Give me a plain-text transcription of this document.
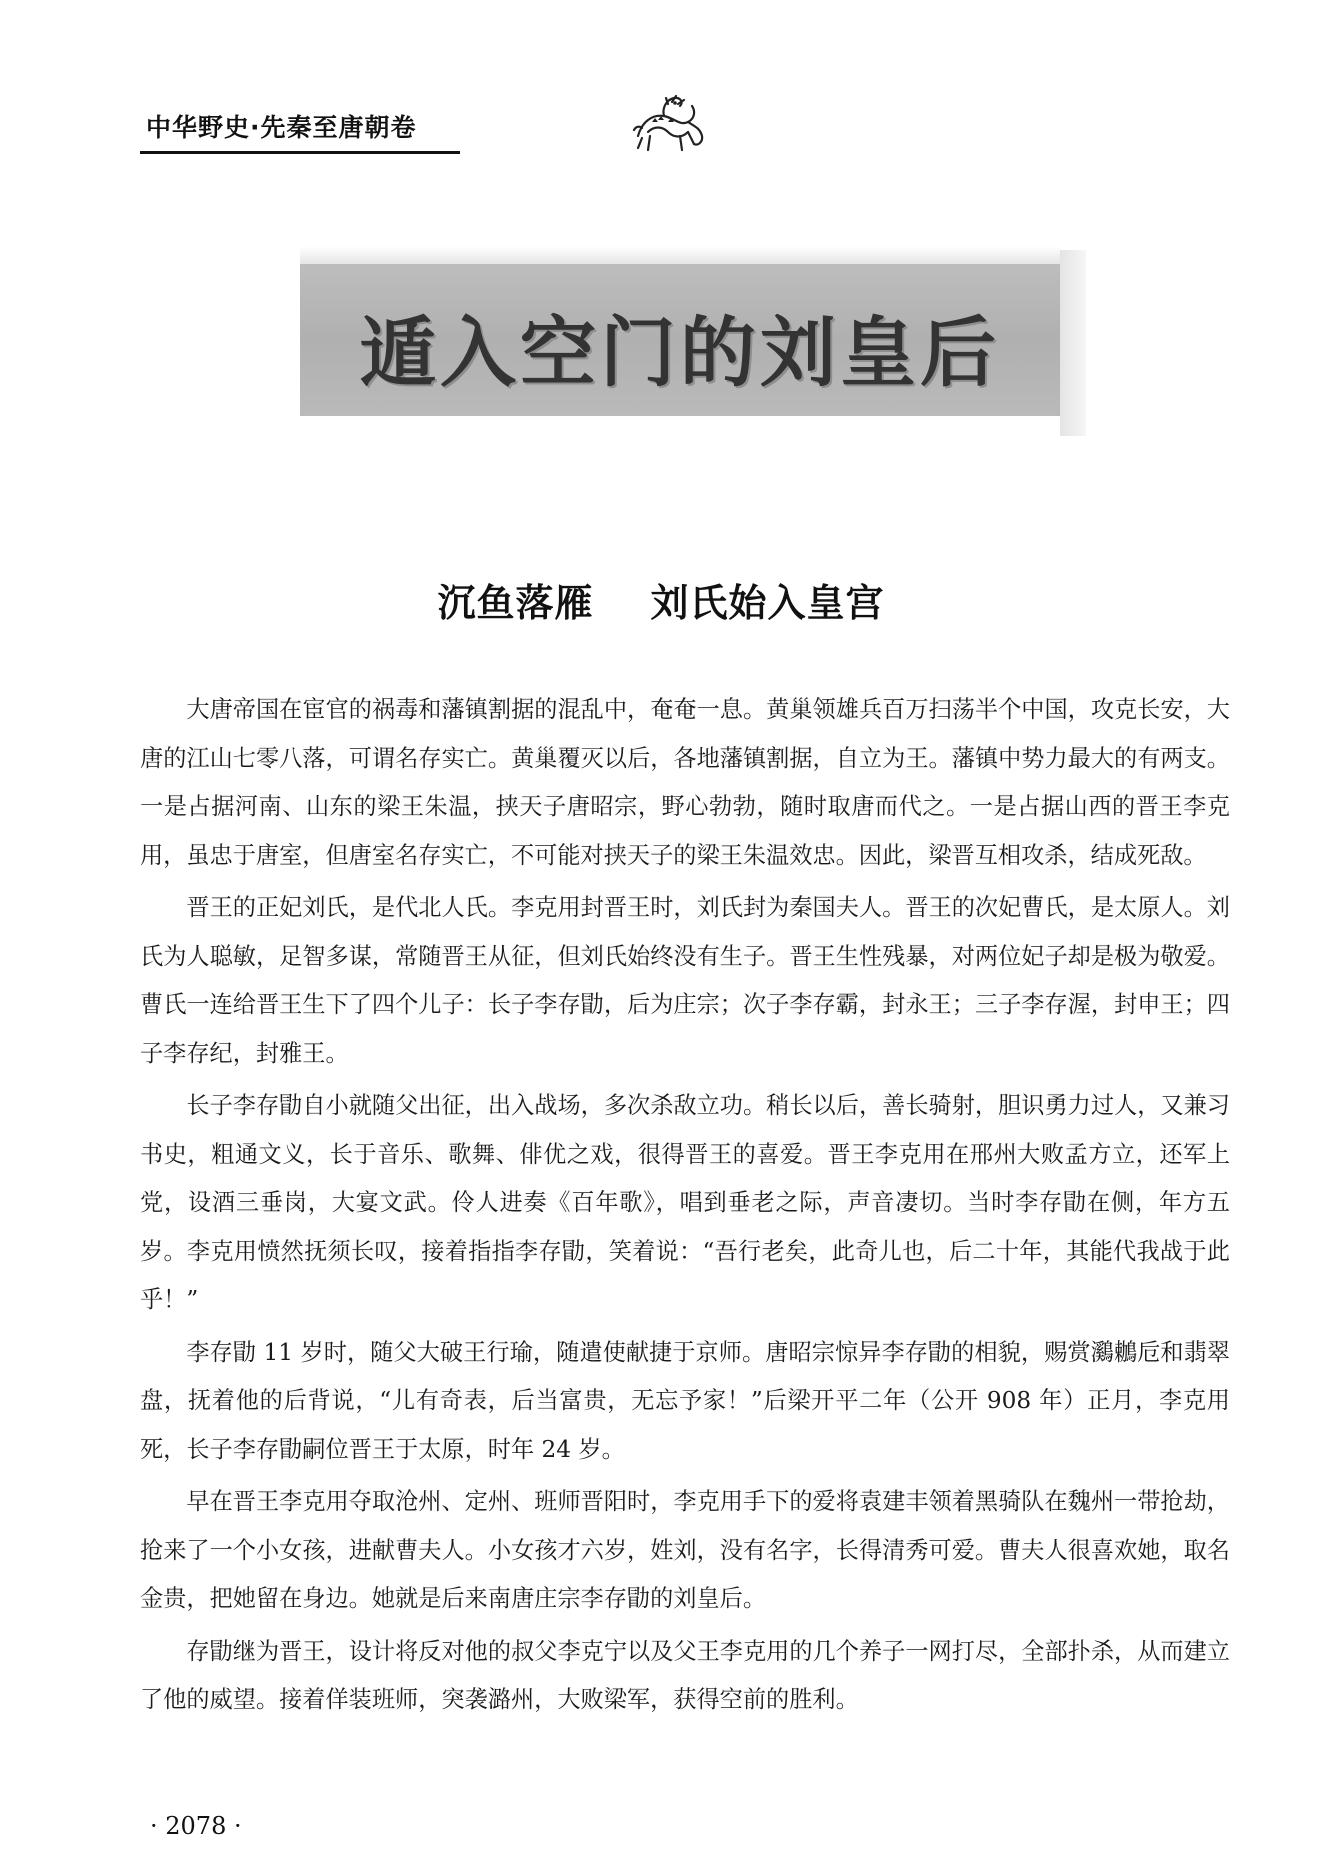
中华野史·先秦至唐朝卷
遁入空门的刘皇后
沉鱼落雁    刘氏始入皇宫

大唐帝国在宦官的祸毒和藩镇割据的混乱中，奄奄一息。黄巢领雄兵百万扫荡半个中国，攻克长安，大唐的江山七零八落，可谓名存实亡。黄巢覆灭以后，各地藩镇割据，自立为王。藩镇中势力最大的有两支。一是占据河南、山东的梁王朱温，挟天子唐昭宗，野心勃勃，随时取唐而代之。一是占据山西的晋王李克用，虽忠于唐室，但唐室名存实亡，不可能对挟天子的梁王朱温效忠。因此，梁晋互相攻杀，结成死敌。

晋王的正妃刘氏，是代北人氏。李克用封晋王时，刘氏封为秦国夫人。晋王的次妃曹氏，是太原人。刘氏为人聪敏，足智多谋，常随晋王从征，但刘氏始终没有生子。晋王生性残暴，对两位妃子却是极为敬爱。曹氏一连给晋王生下了四个儿子：长子李存勖，后为庄宗；次子李存霸，封永王；三子李存渥，封申王；四子李存纪，封雅王。

长子李存勖自小就随父出征，出入战场，多次杀敌立功。稍长以后，善长骑射，胆识勇力过人，又兼习书史，粗通文义，长于音乐、歌舞、俳优之戏，很得晋王的喜爱。晋王李克用在邢州大败孟方立，还军上党，设酒三垂岗，大宴文武。伶人进奏《百年歌》，唱到垂老之际，声音凄切。当时李存勖在侧，年方五岁。李克用愤然抚须长叹，接着指指李存勖，笑着说：“吾行老矣，此奇儿也，后二十年，其能代我战于此乎！”

李存勖 11 岁时，随父大破王行瑜，随遣使献捷于京师。唐昭宗惊异李存勖的相貌，赐赏鸂鶒卮和翡翠盘，抚着他的后背说，“儿有奇表，后当富贵，无忘予家！”后梁开平二年（公开 908 年）正月，李克用死，长子李存勖嗣位晋王于太原，时年 24 岁。

早在晋王李克用夺取沧州、定州、班师晋阳时，李克用手下的爱将袁建丰领着黑骑队在魏州一带抢劫，抢来了一个小女孩，进献曹夫人。小女孩才六岁，姓刘，没有名字，长得清秀可爱。曹夫人很喜欢她，取名金贵，把她留在身边。她就是后来南唐庄宗李存勖的刘皇后。

存勖继为晋王，设计将反对他的叔父李克宁以及父王李克用的几个养子一网打尽，全部扑杀，从而建立了他的威望。接着佯装班师，突袭潞州，大败梁军，获得空前的胜利。

· 2078 ·
